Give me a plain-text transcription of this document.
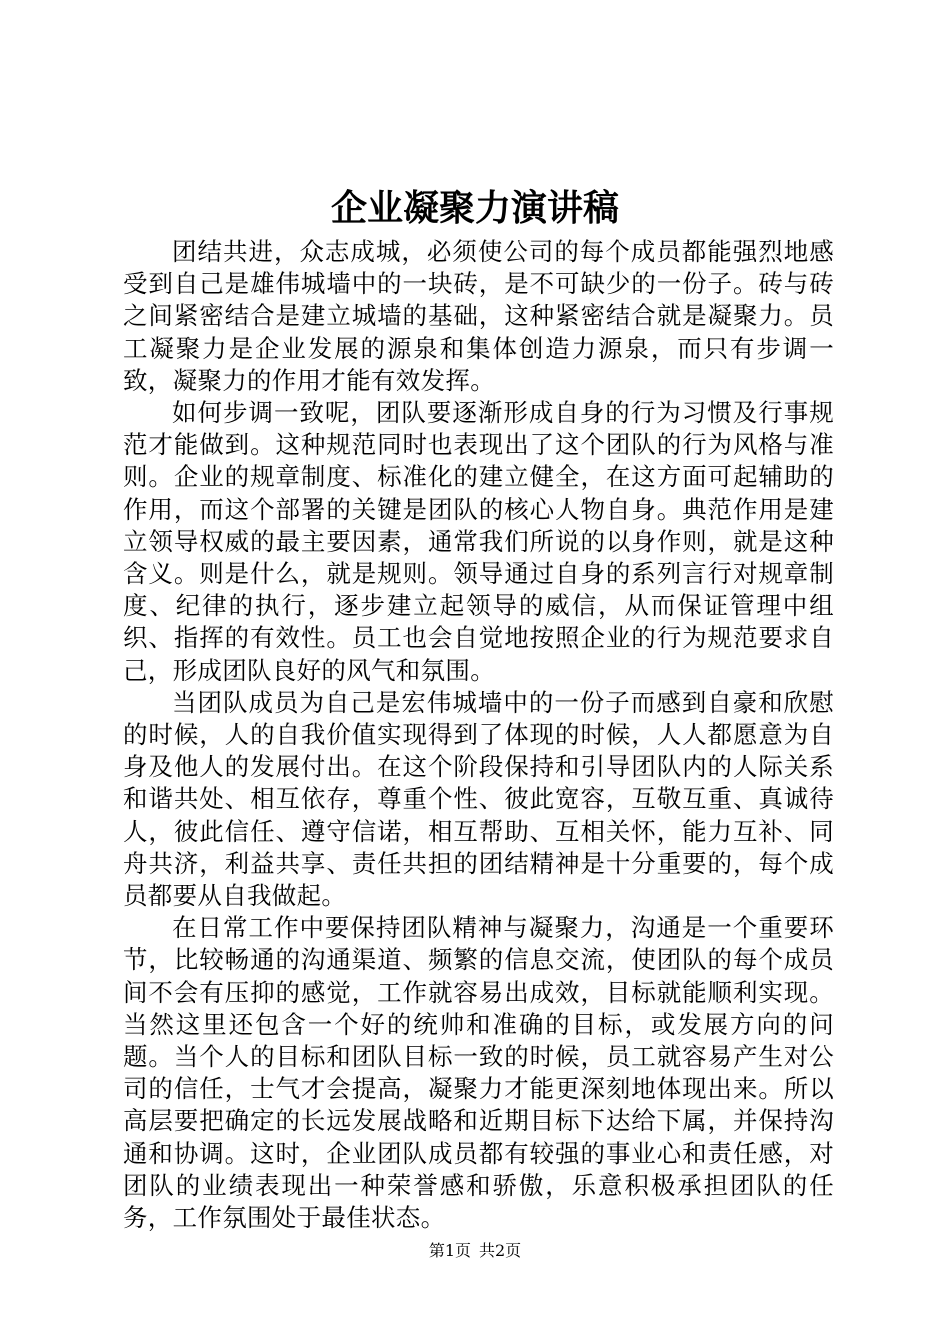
企业凝聚力演讲稿

团结共进，众志成城，必须使公司的每个成员都能强烈地感受到自己是雄伟城墙中的一块砖，是不可缺少的一份子。砖与砖之间紧密结合是建立城墙的基础，这种紧密结合就是凝聚力。员工凝聚力是企业发展的源泉和集体创造力源泉，而只有步调一致，凝聚力的作用才能有效发挥。

如何步调一致呢，团队要逐渐形成自身的行为习惯及行事规范才能做到。这种规范同时也表现出了这个团队的行为风格与准则。企业的规章制度、标准化的建立健全，在这方面可起辅助的作用，而这个部署的关键是团队的核心人物自身。典范作用是建立领导权威的最主要因素，通常我们所说的以身作则，就是这种含义。则是什么，就是规则。领导通过自身的系列言行对规章制度、纪律的执行，逐步建立起领导的威信，从而保证管理中组织、指挥的有效性。员工也会自觉地按照企业的行为规范要求自己，形成团队良好的风气和氛围。

当团队成员为自己是宏伟城墙中的一份子而感到自豪和欣慰的时候，人的自我价值实现得到了体现的时候，人人都愿意为自身及他人的发展付出。在这个阶段保持和引导团队内的人际关系和谐共处、相互依存，尊重个性、彼此宽容，互敬互重、真诚待人，彼此信任、遵守信诺，相互帮助、互相关怀，能力互补、同舟共济，利益共享、责任共担的团结精神是十分重要的，每个成员都要从自我做起。

在日常工作中要保持团队精神与凝聚力，沟通是一个重要环节，比较畅通的沟通渠道、频繁的信息交流，使团队的每个成员间不会有压抑的感觉，工作就容易出成效，目标就能顺利实现。当然这里还包含一个好的统帅和准确的目标，或发展方向的问题。当个人的目标和团队目标一致的时候，员工就容易产生对公司的信任，士气才会提高，凝聚力才能更深刻地体现出来。所以高层要把确定的长远发展战略和近期目标下达给下属，并保持沟通和协调。这时，企业团队成员都有较强的事业心和责任感，对团队的业绩表现出一种荣誉感和骄傲，乐意积极承担团队的任务，工作氛围处于最佳状态。

第1页 共2页
